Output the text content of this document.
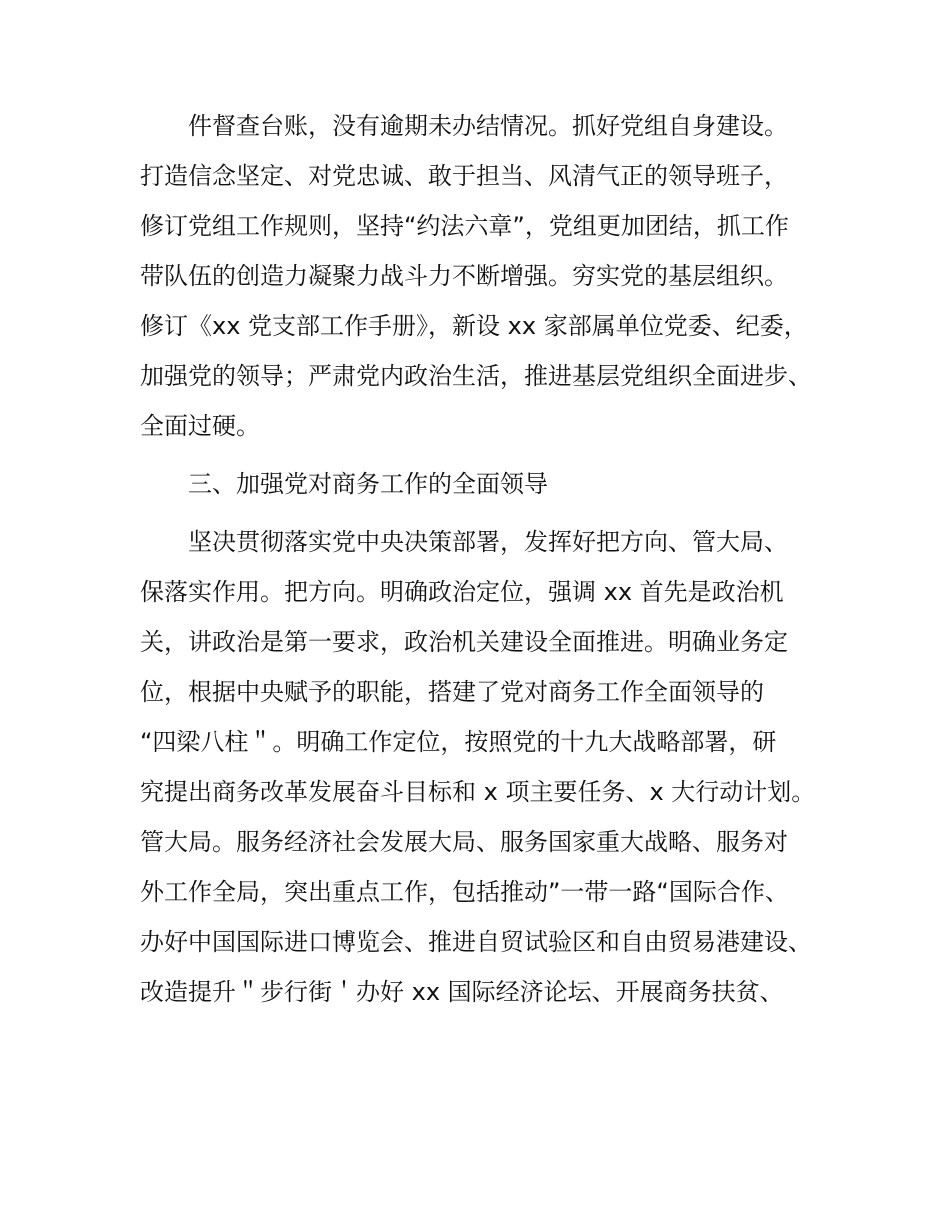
件督查台账，没有逾期未办结情况。抓好党组自身建设。
打造信念坚定、对党忠诚、敢于担当、风清气正的领导班子，
修订党组工作规则，坚持“约法六章”，党组更加团结，抓工作
带队伍的创造力凝聚力战斗力不断增强。穷实党的基层组织。
修订《xx 党支部工作手册》，新设 xx 家部属单位党委、纪委，
加强党的领导；严肃党内政治生活，推进基层党组织全面进步、
全面过硬。
三、加强党对商务工作的全面领导
坚决贯彻落实党中央决策部署，发挥好把方向、管大局、
保落实作用。把方向。明确政治定位，强调 xx 首先是政治机
关，讲政治是第一要求，政治机关建设全面推进。明确业务定
位，根据中央赋予的职能，搭建了党对商务工作全面领导的
“四梁八柱＂。明确工作定位，按照党的十九大战略部署，研
究提出商务改革发展奋斗目标和 x 项主要任务、x 大行动计划。
管大局。服务经济社会发展大局、服务国家重大战略、服务对
外工作全局，突出重点工作，包括推动”一带一路“国际合作、
办好中国国际进口博览会、推进自贸试验区和自由贸易港建设、
改造提升＂步行街＇办好 xx 国际经济论坛、开展商务扶贫、
